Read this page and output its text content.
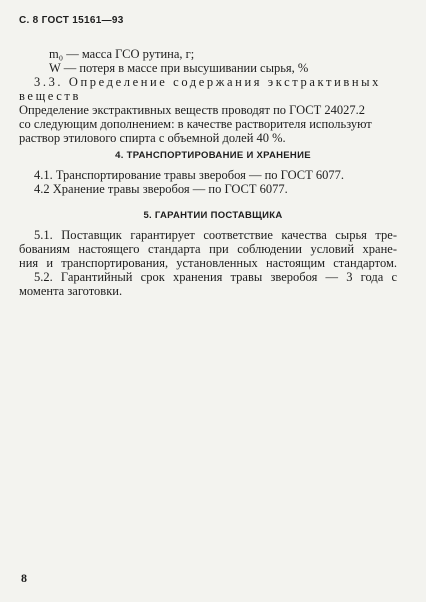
С. 8 ГОСТ 15161—93
m₀ — масса ГСО рутина, г;
W — потеря в массе при высушивании сырья, %
3.3. Определение содержания экстрактивных
веществ
Определение экстрактивных веществ проводят по ГОСТ 24027.2
со следующим дополнением: в качестве растворителя используют
раствор этилового спирта с объемной долей 40 %.
4. ТРАНСПОРТИРОВАНИЕ И ХРАНЕНИЕ
4.1. Транспортирование травы зверобоя — по ГОСТ 6077.
4.2 Хранение травы зверобоя — по ГОСТ 6077.
5. ГАРАНТИИ ПОСТАВЩИКА
5.1. Поставщик гарантирует соответствие качества сырья тре-
бованиям настоящего стандарта при соблюдении условий хране-
ния и транспортирования, установленных настоящим стандартом.
5.2. Гарантийный срок хранения травы зверобоя — 3 года с
момента заготовки.
8
